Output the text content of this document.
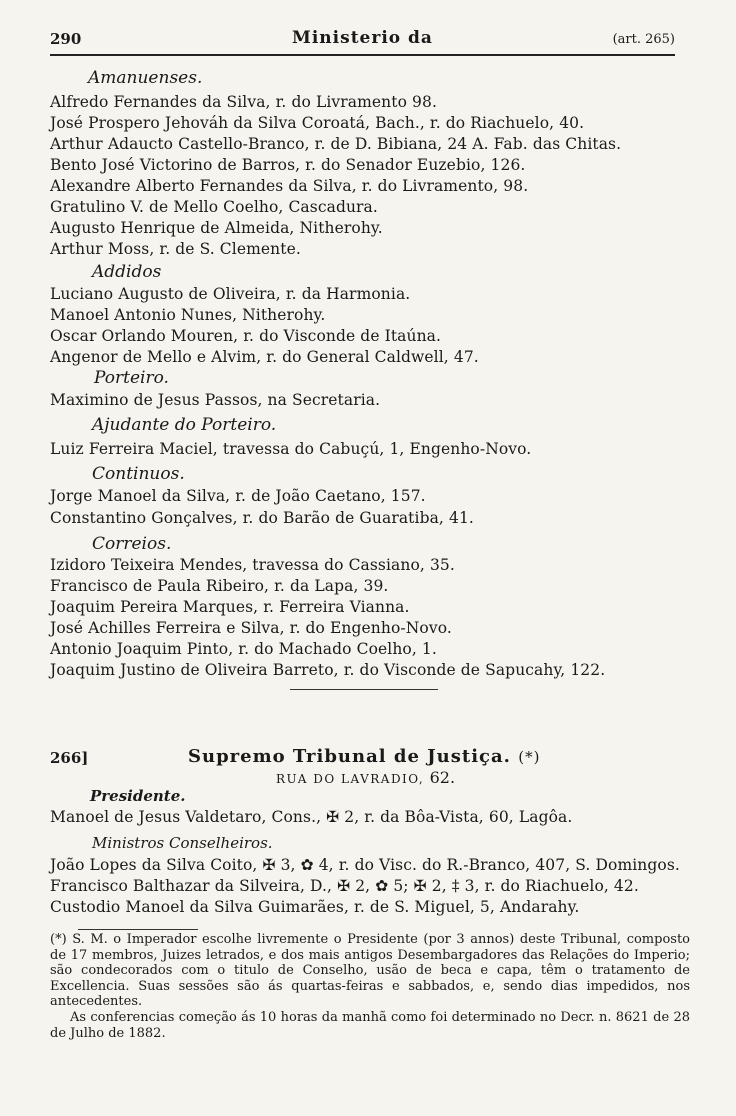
290	Ministerio da	(art. 265)
Amanuenses.
Alfredo Fernandes da Silva, r. do Livramento 98.
José Prospero Jehováh da Silva Coroatá, Bach., r. do Riachuelo, 40.
Arthur Adaucto Castello-Branco, r. de D. Bibiana, 24 A. Fab. das Chitas.
Bento José Victorino de Barros, r. do Senador Euzebio, 126.
Alexandre Alberto Fernandes da Silva, r. do Livramento, 98.
Gratulino V. de Mello Coelho, Cascadura.
Augusto Henrique de Almeida, Nitherohy.
Arthur Moss, r. de S. Clemente.
Addidos
Luciano Augusto de Oliveira, r. da Harmonia.
Manoel Antonio Nunes, Nitherohy.
Oscar Orlando Mouren, r. do Visconde de Itaúna.
Angenor de Mello e Alvim, r. do General Caldwell, 47.
Porteiro.
Maximino de Jesus Passos, na Secretaria.
Ajudante do Porteiro.
Luiz Ferreira Maciel, travessa do Cabuçú, 1, Engenho-Novo.
Continuos.
Jorge Manoel da Silva, r. de João Caetano, 157.
Constantino Gonçalves, r. do Barão de Guaratiba, 41.
Correios.
Izidoro Teixeira Mendes, travessa do Cassiano, 35.
Francisco de Paula Ribeiro, r. da Lapa, 39.
Joaquim Pereira Marques, r. Ferreira Vianna.
José Achilles Ferreira e Silva, r. do Engenho-Novo.
Antonio Joaquim Pinto, r. do Machado Coelho, 1.
Joaquim Justino de Oliveira Barreto, r. do Visconde de Sapucahy, 122.
266]	Supremo Tribunal de Justiça. (*)
RUA DO LAVRADIO, 62.
Presidente.
Manoel de Jesus Valdetaro, Cons., ✠ 2, r. da Bôa-Vista, 60, Lagôa.
Ministros Conselheiros.
João Lopes da Silva Coito, ✠ 3, ✿ 4, r. do Visc. do R.-Branco, 407, S. Domingos.
Francisco Balthazar da Silveira, D., ✠ 2, ✿ 5; ✠ 2, ‡ 3, r. do Riachuelo, 42.
Custodio Manoel da Silva Guimarães, r. de S. Miguel, 5, Andarahy.

(*) S. M. o Imperador escolhe livremente o Presidente (por 3 annos) deste Tribunal, composto de 17 membros, Juizes letrados, e dos mais antigos Desembargadores das Relações do Imperio; são condecorados com o titulo de Conselho, usão de beca e capa, têm o tratamento de Excellencia. Suas sessões são ás quartas-feiras e sabbados, e, sendo dias impedidos, nos antecedentes.

As conferencias começão ás 10 horas da manhã como foi determinado no Decr. n. 8621 de 28 de Julho de 1882.
